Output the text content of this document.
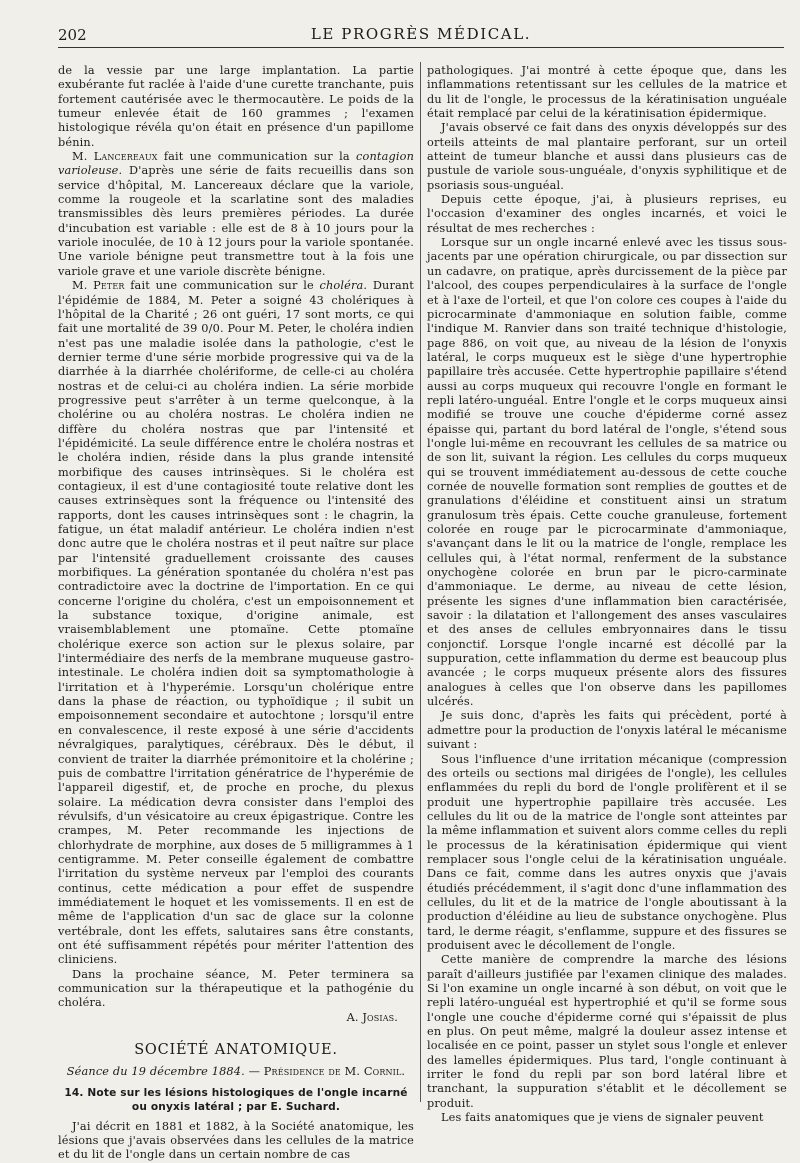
202	LE PROGRÈS MÉDICAL.

de la vessie par une large implantation. La partie exubérante fut raclée à l'aide d'une curette tranchante, puis fortement cautérisée avec le thermocautère. Le poids de la tumeur enlevée était de 160 grammes ; l'examen histologique révéla qu'on était en présence d'un papillome bénin.

M. Lancereaux fait une communication sur la contagion varioleuse. D'après une série de faits recueillis dans son service d'hôpital, M. Lancereaux déclare que la variole, comme la rougeole et la scarlatine sont des maladies transmissibles dès leurs premières périodes. La durée d'incubation est variable : elle est de 8 à 10 jours pour la variole inoculée, de 10 à 12 jours pour la variole spontanée. Une variole bénigne peut transmettre tout à la fois une variole grave et une variole discrète bénigne.

M. Peter fait une communication sur le choléra. Durant l'épidémie de 1884, M. Peter a soigné 43 cholériques à l'hôpital de la Charité ; 26 ont guéri, 17 sont morts, ce qui fait une mortalité de 39 0/0. Pour M. Peter, le choléra indien n'est pas une maladie isolée dans la pathologie, c'est le dernier terme d'une série morbide progressive qui va de la diarrhée à la diarrhée cholériforme, de celle-ci au choléra nostras et de celui-ci au choléra indien. La série morbide progressive peut s'arrêter à un terme quelconque, à la cholérine ou au choléra nostras. Le choléra indien ne diffère du choléra nostras que par l'intensité et l'épidémicité. La seule différence entre le choléra nostras et le choléra indien, réside dans la plus grande intensité morbifique des causes intrinsèques. Si le choléra est contagieux, il est d'une contagiosité toute relative dont les causes extrinsèques sont la fréquence ou l'intensité des rapports, dont les causes intrinsèques sont : le chagrin, la fatigue, un état maladif antérieur. Le choléra indien n'est donc autre que le choléra nostras et il peut naître sur place par l'intensité graduellement croissante des causes morbifiques. La génération spontanée du choléra n'est pas contradictoire avec la doctrine de l'importation. En ce qui concerne l'origine du choléra, c'est un empoisonnement et la substance toxique, d'origine animale, est vraisemblablement une ptomaïne. Cette ptomaïne cholérique exerce son action sur le plexus solaire, par l'intermédiaire des nerfs de la membrane muqueuse gastro-intestinale. Le choléra indien doit sa symptomathologie à l'irritation et à l'hyperémie. Lorsqu'un cholérique entre dans la phase de réaction, ou typhoïdique ; il subit un empoisonnement secondaire et autochtone ; lorsqu'il entre en convalescence, il reste exposé à une série d'accidents névralgiques, paralytiques, cérébraux. Dès le début, il convient de traiter la diarrhée prémonitoire et la cholérine ; puis de combattre l'irritation génératrice de l'hyperémie de l'appareil digestif, et, de proche en proche, du plexus solaire. La médication devra consister dans l'emploi des révulsifs, d'un vésicatoire au creux épigastrique. Contre les crampes, M. Peter recommande les injections de chlorhydrate de morphine, aux doses de 5 milligrammes à 1 centigramme. M. Peter conseille également de combattre l'irritation du système nerveux par l'emploi des courants continus, cette médication a pour effet de suspendre immédiatement le hoquet et les vomissements. Il en est de même de l'application d'un sac de glace sur la colonne vertébrale, dont les effets, salutaires sans être constants, ont été suffisamment répétés pour mériter l'attention des cliniciens.

Dans la prochaine séance, M. Peter terminera sa communication sur la thérapeutique et la pathogénie du choléra.

A. Josias.

SOCIÉTÉ ANATOMIQUE.

Séance du 19 décembre 1884. — Présidence de M. Cornil.

14. Note sur les lésions histologiques de l'ongle incarné ou onyxis latéral ; par E. Suchard.

J'ai décrit en 1881 et 1882, à la Société anatomique, les lésions que j'avais observées dans les cellules de la matrice et du lit de l'ongle dans un certain nombre de cas

pathologiques. J'ai montré à cette époque que, dans les inflammations retentissant sur les cellules de la matrice et du lit de l'ongle, le processus de la kératinisation unguéale était remplacé par celui de la kératinisation épidermique.

J'avais observé ce fait dans des onyxis développés sur des orteils atteints de mal plantaire perforant, sur un orteil atteint de tumeur blanche et aussi dans plusieurs cas de pustule de variole sous-unguéale, d'onyxis syphilitique et de psoriasis sous-unguéal.

Depuis cette époque, j'ai, à plusieurs reprises, eu l'occasion d'examiner des ongles incarnés, et voici le résultat de mes recherches :

Lorsque sur un ongle incarné enlevé avec les tissus sous-jacents par une opération chirurgicale, ou par dissection sur un cadavre, on pratique, après durcissement de la pièce par l'alcool, des coupes perpendiculaires à la surface de l'ongle et à l'axe de l'orteil, et que l'on colore ces coupes à l'aide du picrocarminate d'ammoniaque en solution faible, comme l'indique M. Ranvier dans son traité technique d'histologie, page 886, on voit que, au niveau de la lésion de l'onyxis latéral, le corps muqueux est le siège d'une hypertrophie papillaire très accusée. Cette hypertrophie papillaire s'étend aussi au corps muqueux qui recouvre l'ongle en formant le repli latéro-unguéal. Entre l'ongle et le corps muqueux ainsi modifié se trouve une couche d'épiderme corné assez épaisse qui, partant du bord latéral de l'ongle, s'étend sous l'ongle lui-même en recouvrant les cellules de sa matrice ou de son lit, suivant la région. Les cellules du corps muqueux qui se trouvent immédiatement au-dessous de cette couche cornée de nouvelle formation sont remplies de gouttes et de granulations d'éléidine et constituent ainsi un stratum granulosum très épais. Cette couche granuleuse, fortement colorée en rouge par le picrocarminate d'ammoniaque, s'avançant dans le lit ou la matrice de l'ongle, remplace les cellules qui, à l'état normal, renferment de la substance onychogène colorée en brun par le picro-carminate d'ammoniaque. Le derme, au niveau de cette lésion, présente les signes d'une inflammation bien caractérisée, savoir : la dilatation et l'allongement des anses vasculaires et des anses de cellules embryonnaires dans le tissu conjonctif. Lorsque l'ongle incarné est décollé par la suppuration, cette inflammation du derme est beaucoup plus avancée ; le corps muqueux présente alors des fissures analogues à celles que l'on observe dans les papillomes ulcérés.

Je suis donc, d'après les faits qui précèdent, porté à admettre pour la production de l'onyxis latéral le mécanisme suivant :

Sous l'influence d'une irritation mécanique (compression des orteils ou sections mal dirigées de l'ongle), les cellules enflammées du repli du bord de l'ongle prolifèrent et il se produit une hypertrophie papillaire très accusée. Les cellules du lit ou de la matrice de l'ongle sont atteintes par la même inflammation et suivent alors comme celles du repli le processus de la kératinisation épidermique qui vient remplacer sous l'ongle celui de la kératinisation unguéale. Dans ce fait, comme dans les autres onyxis que j'avais étudiés précédemment, il s'agit donc d'une inflammation des cellules, du lit et de la matrice de l'ongle aboutissant à la production d'éléidine au lieu de substance onychogène. Plus tard, le derme réagit, s'enflamme, suppure et des fissures se produisent avec le décollement de l'ongle.

Cette manière de comprendre la marche des lésions paraît d'ailleurs justifiée par l'examen clinique des malades. Si l'on examine un ongle incarné à son début, on voit que le repli latéro-unguéal est hypertrophié et qu'il se forme sous l'ongle une couche d'épiderme corné qui s'épaissit de plus en plus. On peut même, malgré la douleur assez intense et localisée en ce point, passer un stylet sous l'ongle et enlever des lamelles épidermiques. Plus tard, l'ongle continuant à irriter le fond du repli par son bord latéral libre et tranchant, la suppuration s'établit et le décollement se produit.

Les faits anatomiques que je viens de signaler peuvent
